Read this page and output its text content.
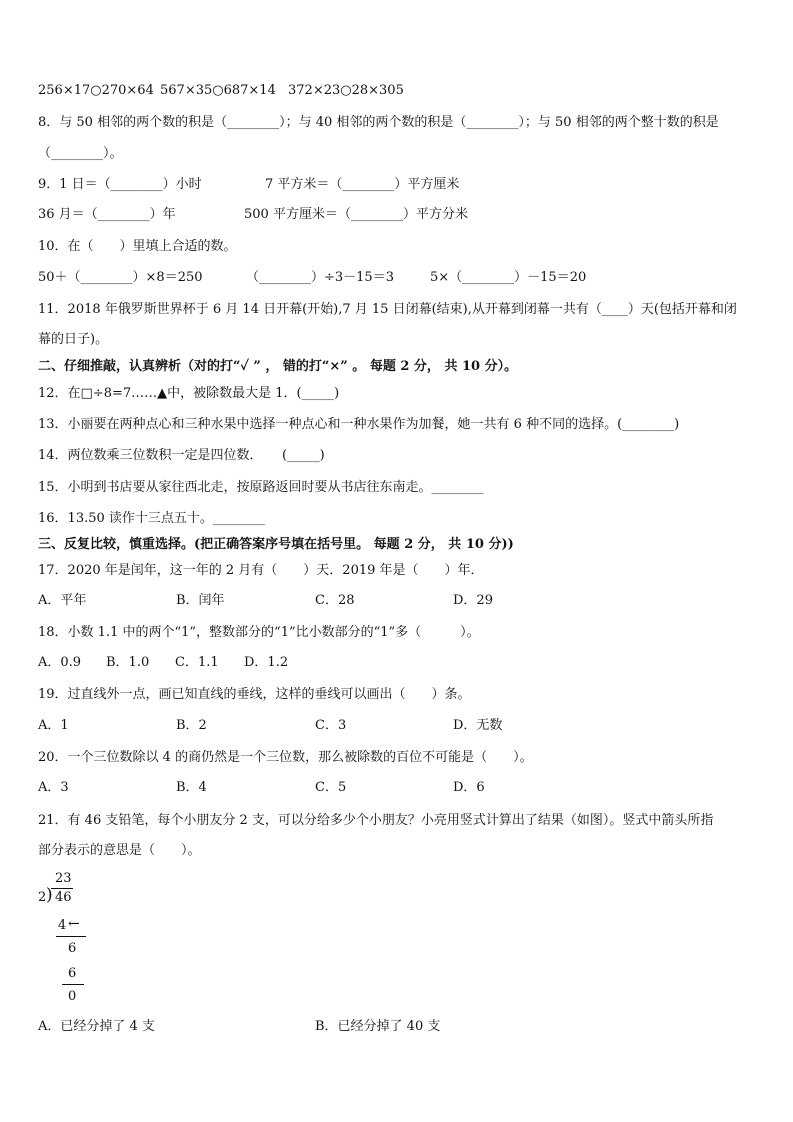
256×17○270×64 567×35○687×14 372×23○28×305
8．与 50 相邻的两个数的积是（________）；与 40 相邻的两个数的积是（________）；与 50 相邻的两个整十数的积是
（________）。
9．1 日＝（________）小时	7 平方米＝（________）平方厘米
36 月＝（________）年	500 平方厘米＝（________）平方分米
10．在（　　）里填上合适的数。
50＋（________）×8＝250	（________）÷3－15＝3	5×（________）－15＝20
11．2018 年俄罗斯世界杯于 6 月 14 日开幕(开始),7 月 15 日闭幕(结束),从开幕到闭幕一共有（____）天(包括开幕和闭
幕的日子)。
二、仔细推敲，认真辨析（对的打“✓ ” ， 错的打“×” 。 每题 2 分， 共 10 分）。
12．在□÷8=7……▲中，被除数最大是 1．(_____)
13．小丽要在两种点心和三种水果中选择一种点心和一种水果作为加餐，她一共有 6 种不同的选择。(________)
14．两位数乘三位数积一定是四位数．　　(_____)
15．小明到书店要从家往西北走，按原路返回时要从书店往东南走。________
16．13.50 读作十三点五十。________
三、反复比较，慎重选择。(把正确答案序号填在括号里。 每题 2 分， 共 10 分))
17．2020 年是闰年，这一年的 2 月有（　　）天．2019 年是（　　）年．
A．平年	B．闰年	C．28	D．29
18．小数 1.1 中的两个“1”，整数部分的“1”比小数部分的“1”多（　　　）。
A．0.9 B．1.0 C．1.1 D．1.2
19．过直线外一点，画已知直线的垂线，这样的垂线可以画出（　　）条。
A．1	B．2	C．3	D．无数
20．一个三位数除以 4 的商仍然是一个三位数，那么被除数的百位不可能是（　　）。
A．3	B．4	C．5	D．6
21．有 46 支铅笔，每个小朋友分 2 支，可以分给多少个小朋友？小亮用竖式计算出了结果（如图）。竖式中箭头所指
部分表示的意思是（　　）。
23
)
2 46
4 ←
6
6
0
A．已经分掉了 4 支	B．已经分掉了 40 支
